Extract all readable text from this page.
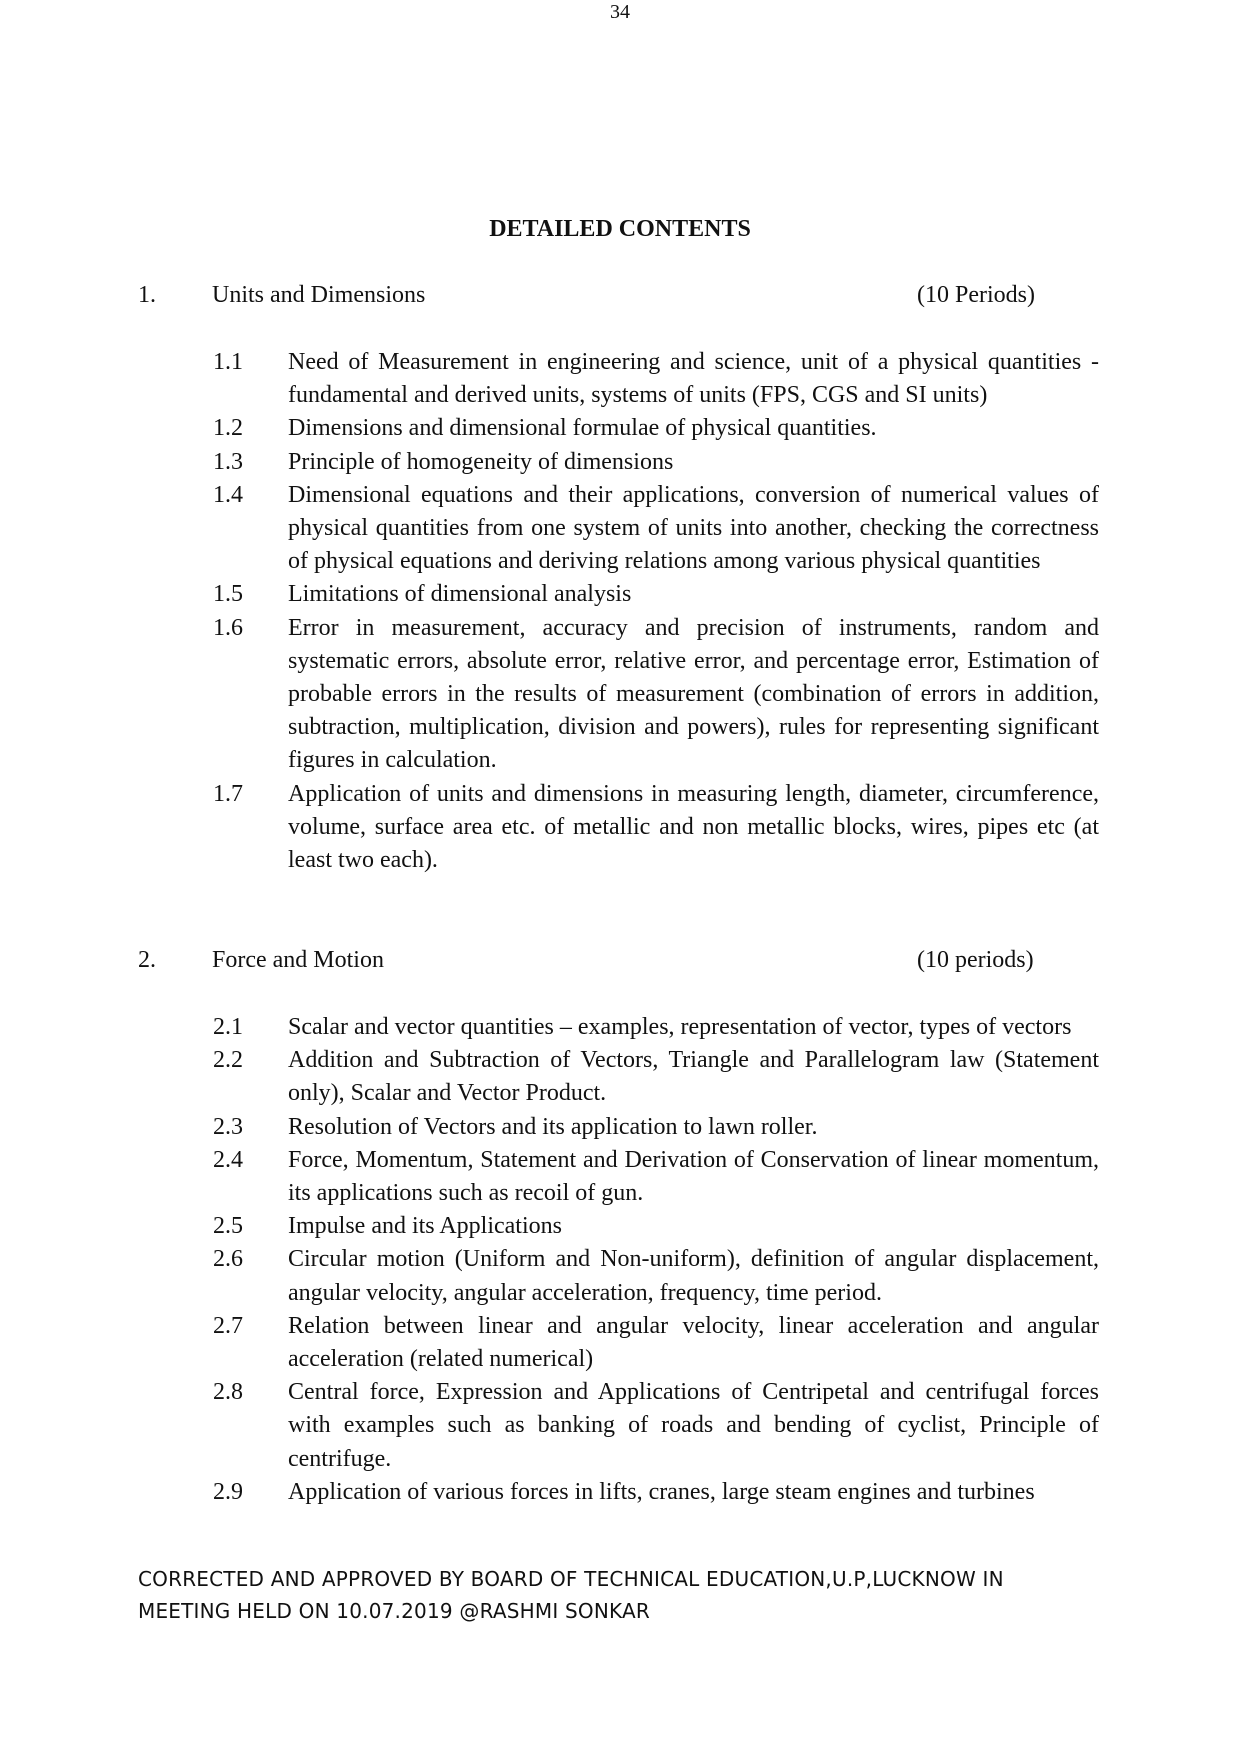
34
DETAILED CONTENTS
1. Units and Dimensions	(10 Periods)
1.1	Need of Measurement in engineering and science, unit of a physical quantities - fundamental and derived units, systems of units (FPS, CGS and SI units)
1.2	Dimensions and dimensional formulae of physical quantities.
1.3	Principle of homogeneity of dimensions
1.4	Dimensional equations and their applications, conversion of numerical values of physical quantities from one system of units into another, checking the correctness of physical equations and deriving relations among various physical quantities
1.5	Limitations of dimensional analysis
1.6	Error in measurement, accuracy and precision of instruments, random and systematic errors, absolute error, relative error, and percentage error, Estimation of probable errors in the results of measurement (combination of errors in addition, subtraction, multiplication, division and powers), rules for representing significant figures in calculation.
1.7	Application of units and dimensions in measuring length, diameter, circumference, volume, surface area etc. of metallic and non metallic blocks, wires, pipes etc (at least two each).
2. Force and Motion	(10 periods)
2.1	Scalar and vector quantities – examples, representation of vector, types of vectors
2.2	Addition and Subtraction of Vectors, Triangle and Parallelogram law (Statement only), Scalar and Vector Product.
2.3	Resolution of Vectors and its application to lawn roller.
2.4	Force, Momentum, Statement and Derivation of Conservation of linear momentum, its applications such as recoil of gun.
2.5	Impulse and its Applications
2.6	Circular motion (Uniform and Non-uniform), definition of angular displacement, angular velocity, angular acceleration, frequency, time period.
2.7	Relation between linear and angular velocity, linear acceleration and angular acceleration (related numerical)
2.8	Central force, Expression and Applications of Centripetal and centrifugal forces with examples such as banking of roads and bending of cyclist, Principle of centrifuge.
2.9	Application of various forces in lifts, cranes, large steam engines and turbines
CORRECTED AND APPROVED BY BOARD OF TECHNICAL EDUCATION,U.P,LUCKNOW IN
MEETING HELD ON 10.07.2019 @RASHMI SONKAR
